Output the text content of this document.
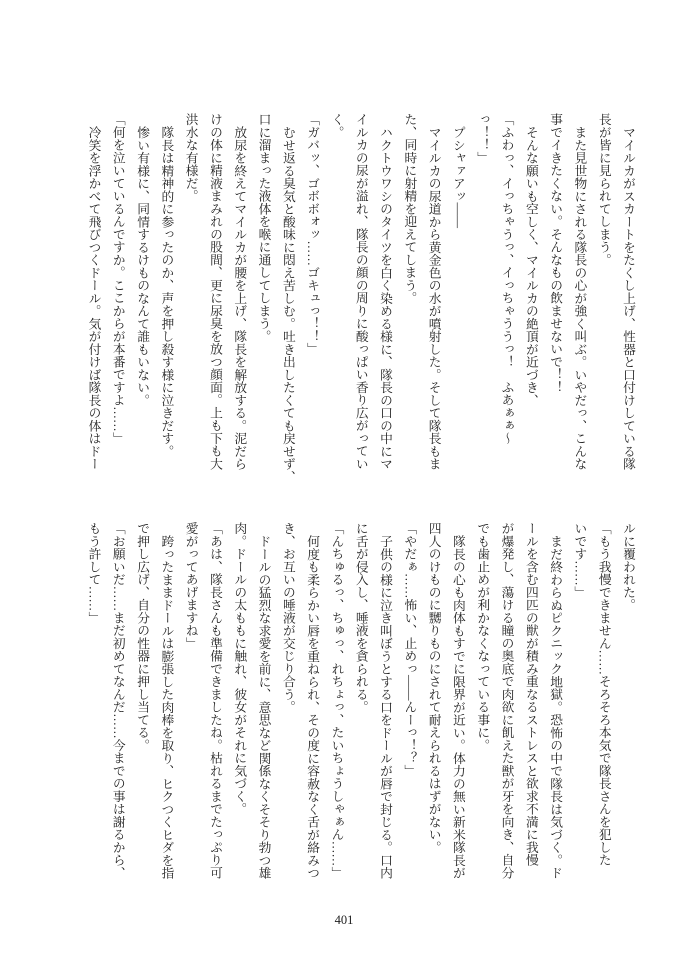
マイルカがスカートをたくし上げ、性器と口付けしている隊
長が皆に見られてしまう。
また見世物にされる隊長の心が強く叫ぶ。いやだっ、こんな
事でイきたくない。そんなもの飲ませないで！！
そんな願いも空しく、マイルカの絶頂が近づき、
「ふわっ、イっちゃうっ、イっちゃううっ！　ふあぁぁ～
っ！！」
プシャァアッ――
マイルカの尿道から黄金色の水が噴射した。そして隊長もま
た、同時に射精を迎えてしまう。
ハクトウワシのタイツを白く染める様に、隊長の口の中にマ
イルカの尿が溢れ、隊長の顔の周りに酸っぱい香り広がってい
く。
「ガバッ、ゴボボォッ……ゴキュっ！！」
むせ返る臭気と酸味に悶え苦しむ。吐き出したくても戻せず、
口に溜まった液体を喉に通してしまう。
放尿を終えてマイルカが腰を上げ、隊長を解放する。泥だら
けの体に精液まみれの股間、更に尿臭を放つ顔面。上も下も大
洪水な有様だ。
隊長は精神的に参ったのか、声を押し殺す様に泣きだす。
惨い有様に、同情するけものなんて誰もいない。
「何を泣いているんですか。ここからが本番ですよ……」
冷笑を浮かべて飛びつくドール。気が付けば隊長の体はドー
ルに覆われた。
「もう我慢できません……そろそろ本気で隊長さんを犯した
いです……」
まだ終わらぬピクニック地獄。恐怖の中で隊長は気づく。ド
ールを含む四匹の獣が積み重なるストレスと欲求不満に我慢
が爆発し、蕩ける瞳の奥底で肉欲に飢えた獣が牙を向き、自分
でも歯止めが利かなくなっている事に。
隊長の心も肉体もすでに限界が近い。体力の無い新米隊長が
四人のけものに嬲りものにされて耐えられるはずがない。
「やだぁ……怖い、止めっ――んーっ！？」
子供の様に泣き叫ぼうとする口をドールが唇で封じる。口内
に舌が侵入し、唾液を貪られる。
「んちゅるっ、ちゅっ、れちょっ、たいちょうしゃぁん……」
何度も柔らかい唇を重ねられ、その度に容赦なく舌が絡みつ
き、お互いの唾液が交じり合う。
ドールの猛烈な求愛を前に、意思など関係なくそそり勃つ雄
肉。ドールの太ももに触れ、彼女がそれに気づく。
「あは、隊長さんも準備できましたね。枯れるまでたっぷり可
愛がってあげますね」
跨ったままドールは膨張した肉棒を取り、ヒクつくヒダを指
で押し広げ、自分の性器に押し当てる。
「お願いだ……まだ初めてなんだ……今までの事は謝るから、
もう許して……」
401
